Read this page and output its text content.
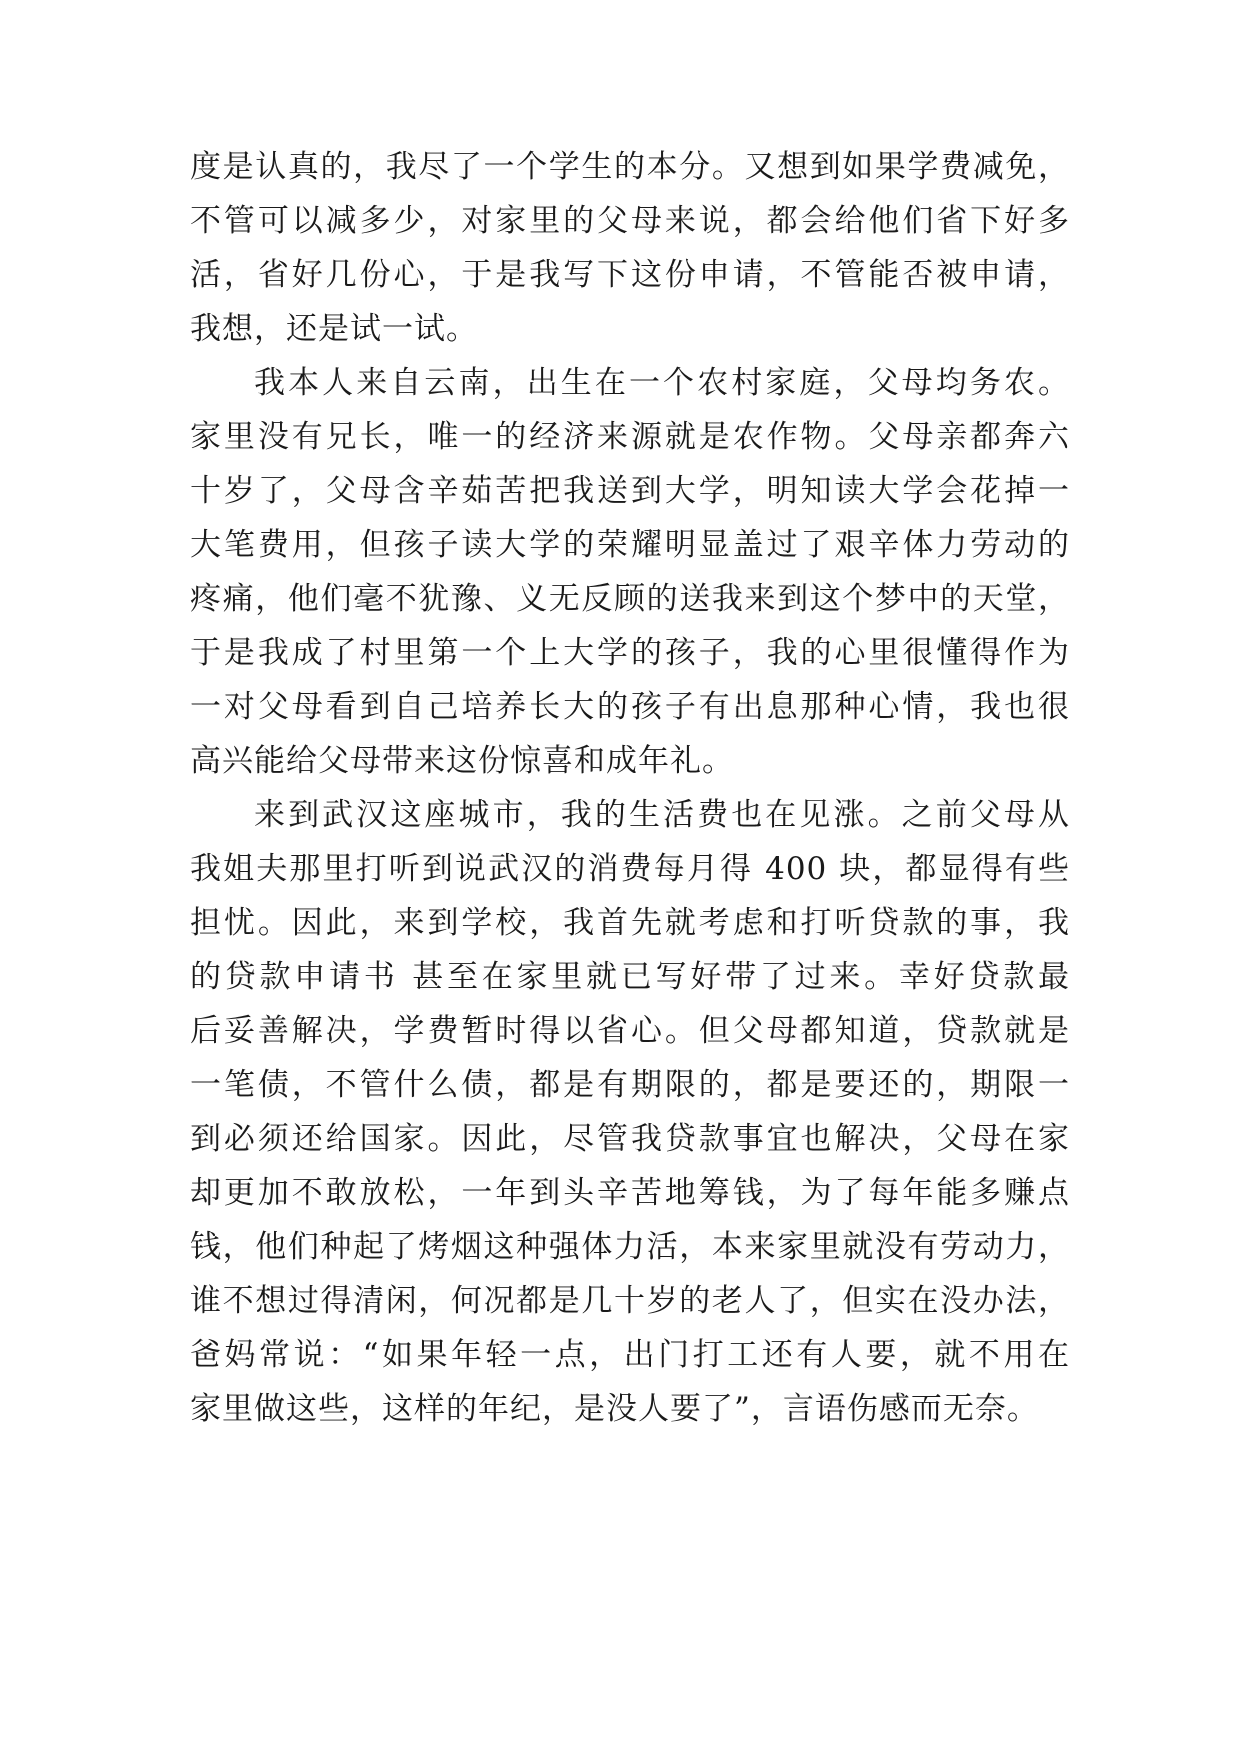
度是认真的，我尽了一个学生的本分。又想到如果学费减免，
不管可以减多少，对家里的父母来说，都会给他们省下好多
活，省好几份心，于是我写下这份申请，不管能否被申请，
我想，还是试一试。
我本人来自云南，出生在一个农村家庭，父母均务农。
家里没有兄长，唯一的经济来源就是农作物。父母亲都奔六
十岁了，父母含辛茹苦把我送到大学，明知读大学会花掉一
大笔费用，但孩子读大学的荣耀明显盖过了艰辛体力劳动的
疼痛，他们毫不犹豫、义无反顾的送我来到这个梦中的天堂，
于是我成了村里第一个上大学的孩子，我的心里很懂得作为
一对父母看到自己培养长大的孩子有出息那种心情，我也很
高兴能给父母带来这份惊喜和成年礼。
来到武汉这座城市，我的生活费也在见涨。之前父母从
我姐夫那里打听到说武汉的消费每月得 400 块，都显得有些
担忧。因此，来到学校，我首先就考虑和打听贷款的事，我
的贷款申请书 甚至在家里就已写好带了过来。幸好贷款最
后妥善解决，学费暂时得以省心。但父母都知道，贷款就是
一笔债，不管什么债，都是有期限的，都是要还的，期限一
到必须还给国家。因此，尽管我贷款事宜也解决，父母在家
却更加不敢放松，一年到头辛苦地筹钱，为了每年能多赚点
钱，他们种起了烤烟这种强体力活，本来家里就没有劳动力，
谁不想过得清闲，何况都是几十岁的老人了，但实在没办法，
爸妈常说：“如果年轻一点，出门打工还有人要，就不用在
家里做这些，这样的年纪，是没人要了”，言语伤感而无奈。
